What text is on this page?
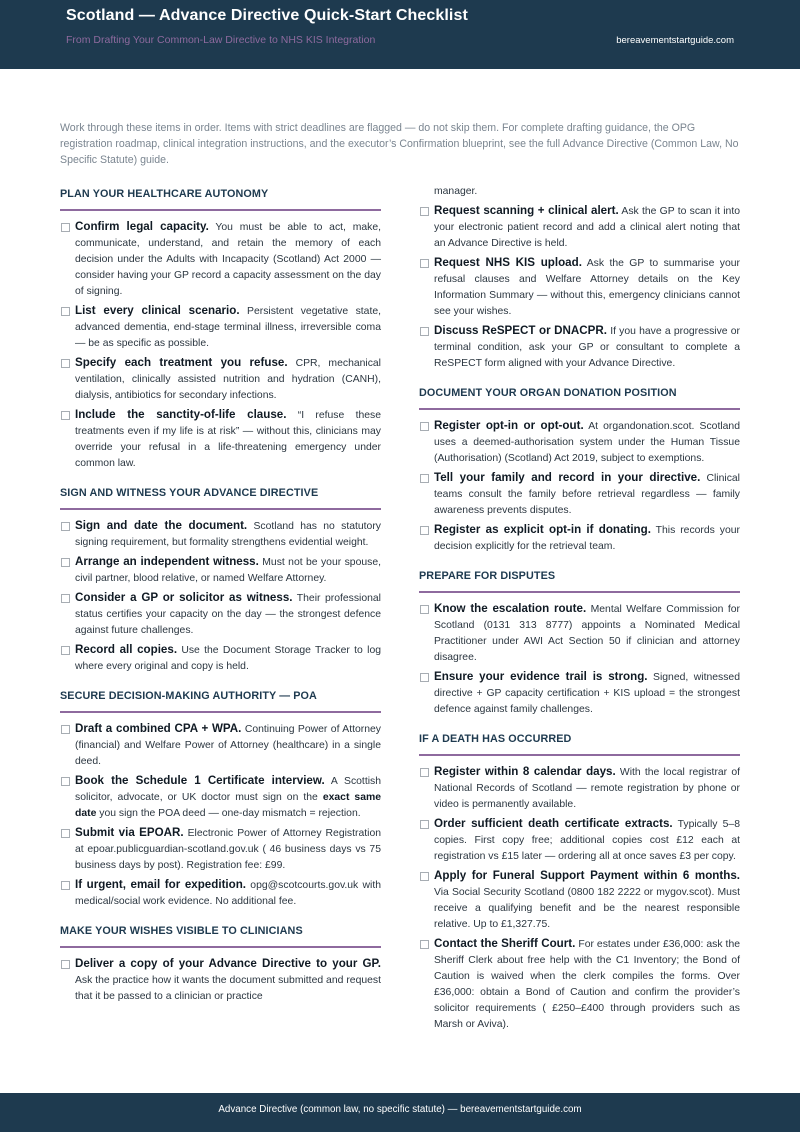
Scotland — Advance Directive Quick-Start Checklist
From Drafting Your Common-Law Directive to NHS KIS Integration	bereavementstartguide.com
Work through these items in order. Items with strict deadlines are flagged — do not skip them. For complete drafting guidance, the OPG registration roadmap, clinical integration instructions, and the executor’s Confirmation blueprint, see the full Advance Directive (Common Law, No Specific Statute) guide.
PLAN YOUR HEALTHCARE AUTONOMY
Confirm legal capacity. You must be able to act, make, communicate, understand, and retain the memory of each decision under the Adults with Incapacity (Scotland) Act 2000 — consider having your GP record a capacity assessment on the day of signing.
List every clinical scenario. Persistent vegetative state, advanced dementia, end-stage terminal illness, irreversible coma — be as specific as possible.
Specify each treatment you refuse. CPR, mechanical ventilation, clinically assisted nutrition and hydration (CANH), dialysis, antibiotics for secondary infections.
Include the sanctity-of-life clause. “I refuse these treatments even if my life is at risk” — without this, clinicians may override your refusal in a life-threatening emergency under common law.
SIGN AND WITNESS YOUR ADVANCE DIRECTIVE
Sign and date the document. Scotland has no statutory signing requirement, but formality strengthens evidential weight.
Arrange an independent witness. Must not be your spouse, civil partner, blood relative, or named Welfare Attorney.
Consider a GP or solicitor as witness. Their professional status certifies your capacity on the day — the strongest defence against future challenges.
Record all copies. Use the Document Storage Tracker to log where every original and copy is held.
SECURE DECISION-MAKING AUTHORITY — POA
Draft a combined CPA + WPA. Continuing Power of Attorney (financial) and Welfare Power of Attorney (healthcare) in a single deed.
Book the Schedule 1 Certificate interview. A Scottish solicitor, advocate, or UK doctor must sign on the exact same date you sign the POA deed — one-day mismatch = rejection.
Submit via EPOAR. Electronic Power of Attorney Registration at epoar.publicguardian-scotland.gov.uk ( 46 business days vs 75 business days by post). Registration fee: £99.
If urgent, email for expedition. opg@scotcourts.gov.uk with medical/social work evidence. No additional fee.
MAKE YOUR WISHES VISIBLE TO CLINICIANS
Deliver a copy of your Advance Directive to your GP. Ask the practice how it wants the document submitted and request that it be passed to a clinician or practice
manager.
Request scanning + clinical alert. Ask the GP to scan it into your electronic patient record and add a clinical alert noting that an Advance Directive is held.
Request NHS KIS upload. Ask the GP to summarise your refusal clauses and Welfare Attorney details on the Key Information Summary — without this, emergency clinicians cannot see your wishes.
Discuss ReSPECT or DNACPR. If you have a progressive or terminal condition, ask your GP or consultant to complete a ReSPECT form aligned with your Advance Directive.
DOCUMENT YOUR ORGAN DONATION POSITION
Register opt-in or opt-out. At organdonation.scot. Scotland uses a deemed-authorisation system under the Human Tissue (Authorisation) (Scotland) Act 2019, subject to exemptions.
Tell your family and record in your directive. Clinical teams consult the family before retrieval regardless — family awareness prevents disputes.
Register as explicit opt-in if donating. This records your decision explicitly for the retrieval team.
PREPARE FOR DISPUTES
Know the escalation route. Mental Welfare Commission for Scotland (0131 313 8777) appoints a Nominated Medical Practitioner under AWI Act Section 50 if clinician and attorney disagree.
Ensure your evidence trail is strong. Signed, witnessed directive + GP capacity certification + KIS upload = the strongest defence against family challenges.
IF A DEATH HAS OCCURRED
Register within 8 calendar days. With the local registrar of National Records of Scotland — remote registration by phone or video is permanently available.
Order sufficient death certificate extracts. Typically 5–8 copies. First copy free; additional copies cost £12 each at registration vs £15 later — ordering all at once saves £3 per copy.
Apply for Funeral Support Payment within 6 months. Via Social Security Scotland (0800 182 2222 or mygov.scot). Must receive a qualifying benefit and be the nearest responsible relative. Up to £1,327.75.
Contact the Sheriff Court. For estates under £36,000: ask the Sheriff Clerk about free help with the C1 Inventory; the Bond of Caution is waived when the clerk compiles the forms. Over £36,000: obtain a Bond of Caution and confirm the provider’s solicitor requirements ( £250–£400 through providers such as Marsh or Aviva).
Advance Directive (common law, no specific statute) — bereavementstartguide.com
